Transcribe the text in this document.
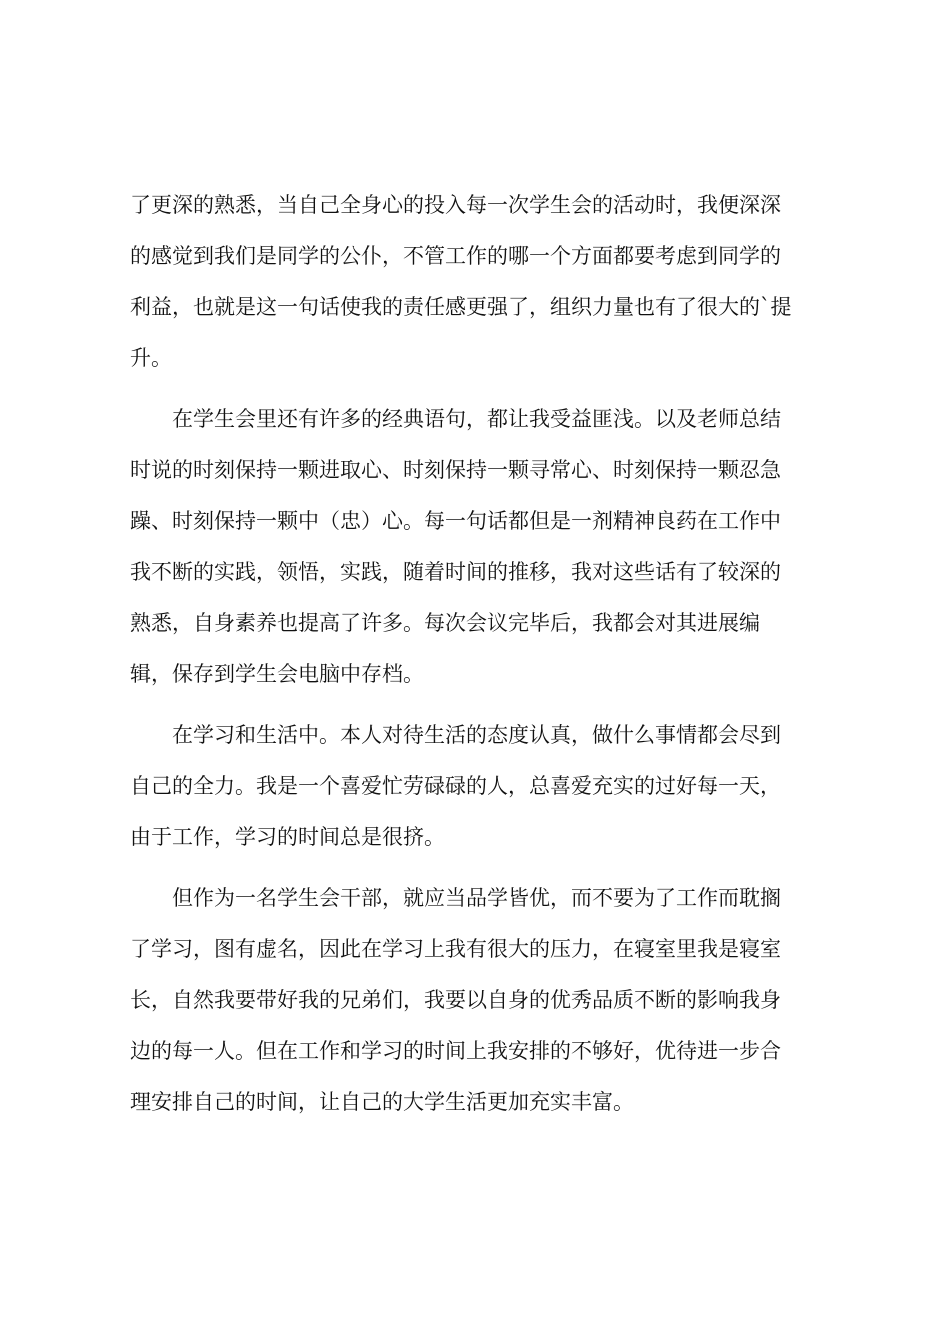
了更深的熟悉，当自己全身心的投入每一次学生会的活动时，我便深深
的感觉到我们是同学的公仆，不管工作的哪一个方面都要考虑到同学的
利益，也就是这一句话使我的责任感更强了，组织力量也有了很大的`提
升。
　　在学生会里还有许多的经典语句，都让我受益匪浅。以及老师总结
时说的时刻保持一颗进取心、时刻保持一颗寻常心、时刻保持一颗忍急
躁、时刻保持一颗中（忠）心。每一句话都但是一剂精神良药在工作中
我不断的实践，领悟，实践，随着时间的推移，我对这些话有了较深的
熟悉，自身素养也提高了许多。每次会议完毕后，我都会对其进展编
辑，保存到学生会电脑中存档。
　　在学习和生活中。本人对待生活的态度认真，做什么事情都会尽到
自己的全力。我是一个喜爱忙劳碌碌的人，总喜爱充实的过好每一天，
由于工作，学习的时间总是很挤。
　　但作为一名学生会干部，就应当品学皆优，而不要为了工作而耽搁
了学习，图有虚名，因此在学习上我有很大的压力，在寝室里我是寝室
长，自然我要带好我的兄弟们，我要以自身的优秀品质不断的影响我身
边的每一人。但在工作和学习的时间上我安排的不够好，优待进一步合
理安排自己的时间，让自己的大学生活更加充实丰富。
